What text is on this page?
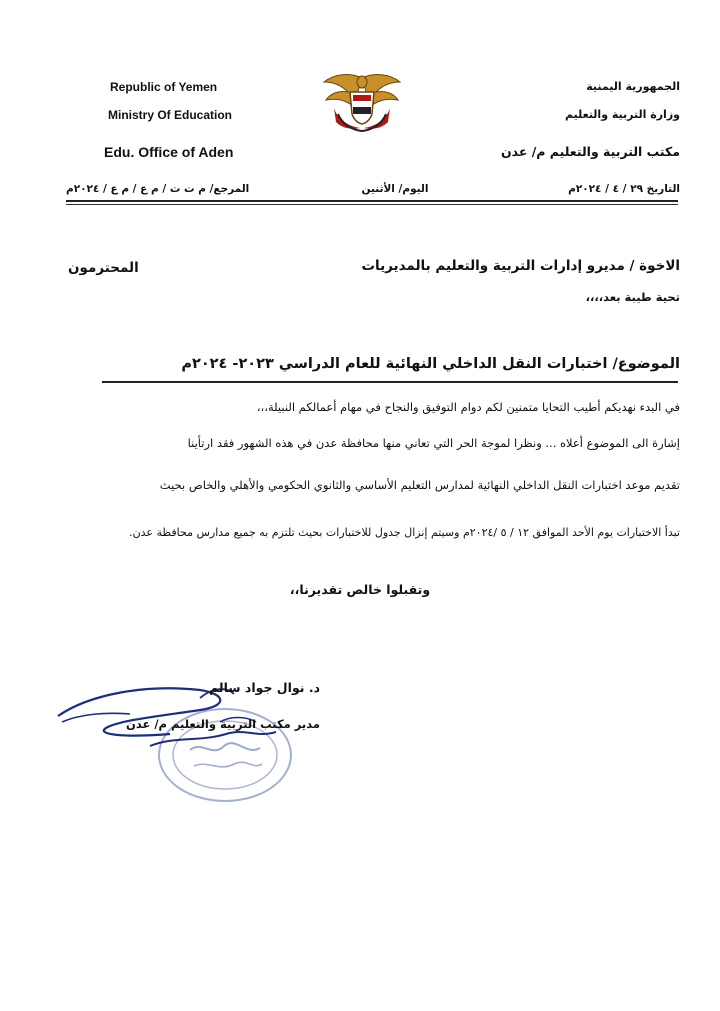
Republic of Yemen
Ministry Of Education
Edu. Office of Aden
الجمهورية اليمنية
وزارة التربية والتعليم
مكتب التربية والتعليم م/ عدن
التاريخ ٢٩ / ٤ / ٢٠٢٤م
اليوم/ الأثنين
المرجع/ م ت ت / م ع / م ع / ٢٠٢٤م
الاخوة / مديرو إدارات التربية والتعليم بالمديريات
المحترمون
تحية طيبة بعد،،،،
الموضوع/ اختبارات النقل الداخلي النهائية للعام الدراسي ٢٠٢٣- ٢٠٢٤م
في البدء نهديكم أطيب التحايا متمنين لكم دوام التوفيق والنجاح في مهام أعمالكم النبيلة،،،
إشارة الى الموضوع أعلاه ... ونظرا لموجة الحر التي تعاني منها محافظة عدن في هذه الشهور فقد ارتأينا
تقديم موعد اختبارات النقل الداخلي النهائية لمدارس التعليم الأساسي والثانوي الحكومي والأهلي والخاص بحيث
تبدأ الاختبارات يوم الأحد الموافق ١٢ / ٥ /٢٠٢٤م وسيتم إنزال جدول للاختبارات بحيث تلتزم به جميع مدارس محافظة عدن.
وتقبلوا خالص تقديرنا،،
د. نوال جواد سالم
مدير مكتب التربية والتعليم م/ عدن
